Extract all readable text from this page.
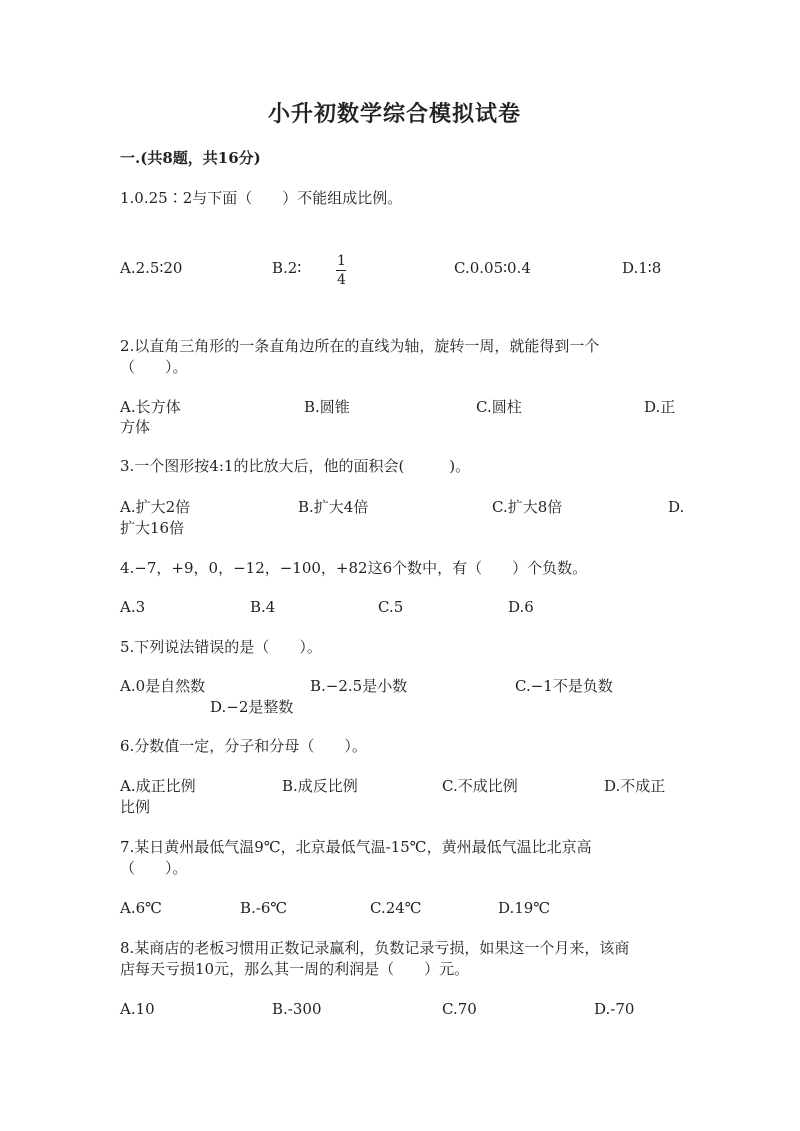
小升初数学综合模拟试卷
一.(共8题，共16分)
1.0.25∶2与下面（　　）不能组成比例。
A.2.5∶20	B.2∶	1
4
C.0.05∶0.4	D.1∶8
2.以直角三角形的一条直角边所在的直线为轴，旋转一周，就能得到一个
（　　）。
A.长方体	B.圆锥	C.圆柱	D.正
方体
3.一个图形按4:1的比放大后，他的面积会(　　　)。
A.扩大2倍	B.扩大4倍	C.扩大8倍	D.
扩大16倍
4.−7，+9，0，−12，−100，+82这6个数中，有（　　）个负数。
A.3	B.4	C.5	D.6
5.下列说法错误的是（　　）。
A.0是自然数	B.−2.5是小数	C.−1不是负数
D.−2是整数
6.分数值一定，分子和分母（　　）。
A.成正比例	B.成反比例	C.不成比例	D.不成正
比例
7.某日黄州最低气温9℃，北京最低气温-15℃，黄州最低气温比北京高
（　　）。
A.6℃	B.-6℃	C.24℃	D.19℃
8.某商店的老板习惯用正数记录赢利，负数记录亏损，如果这一个月来，该商
店每天亏损10元，那么其一周的利润是（　　）元。
A.10	B.-300	C.70	D.-70
